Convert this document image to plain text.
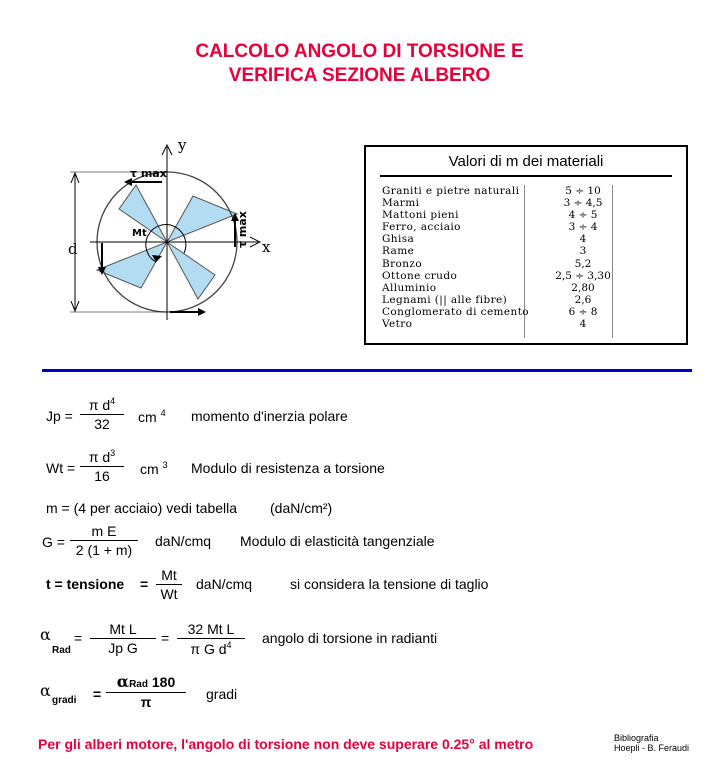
CALCOLO ANGOLO DI TORSIONE E
VERIFICA SEZIONE ALBERO
y
x
d
τ max
τ max
Mt
Valori di m dei materiali
Graniti e pietre naturali	5 ÷ 10
Marmi	3 ÷ 4,5
Mattoni pieni	4 ÷ 5
Ferro, acciaio	3 ÷ 4
Ghisa	4
Rame	3
Bronzo	5,2
Ottone crudo	2,5 ÷ 3,30
Alluminio	2,80
Legnami (|| alle fibre)	2,6
Conglomerato di cemento	6 ÷ 8
Vetro	4
$Jp = \frac{\pi d^4}{32}$ cm $^4$ momento d'inerzia polare
$Wt = \frac{\pi d^3}{16}$ cm $^3$ Modulo di resistenza a torsione
m = (4 per acciaio) vedi tabella (daN/cm²)
$G = \frac{\text{m E}}{2 (1 + m)} daN/cmq$ Modulo di elasticità tangenziale
t = tensione = $\frac{Mt}{Wt} daN/cmq$	si considera la tensione di taglio
α
Rad
= $\frac{\text{Mt L}}{\text{Jp G}} = \frac{\text{32 Mt L}}{\pi G d^4}$ angolo di torsione in radianti
α
gradi =
αRad 180
π	gradi
Per gli alberi motore, l'angolo di torsione non deve superare 0.25° al metro	Bibliografia
Hoepli - B. Feraudi
